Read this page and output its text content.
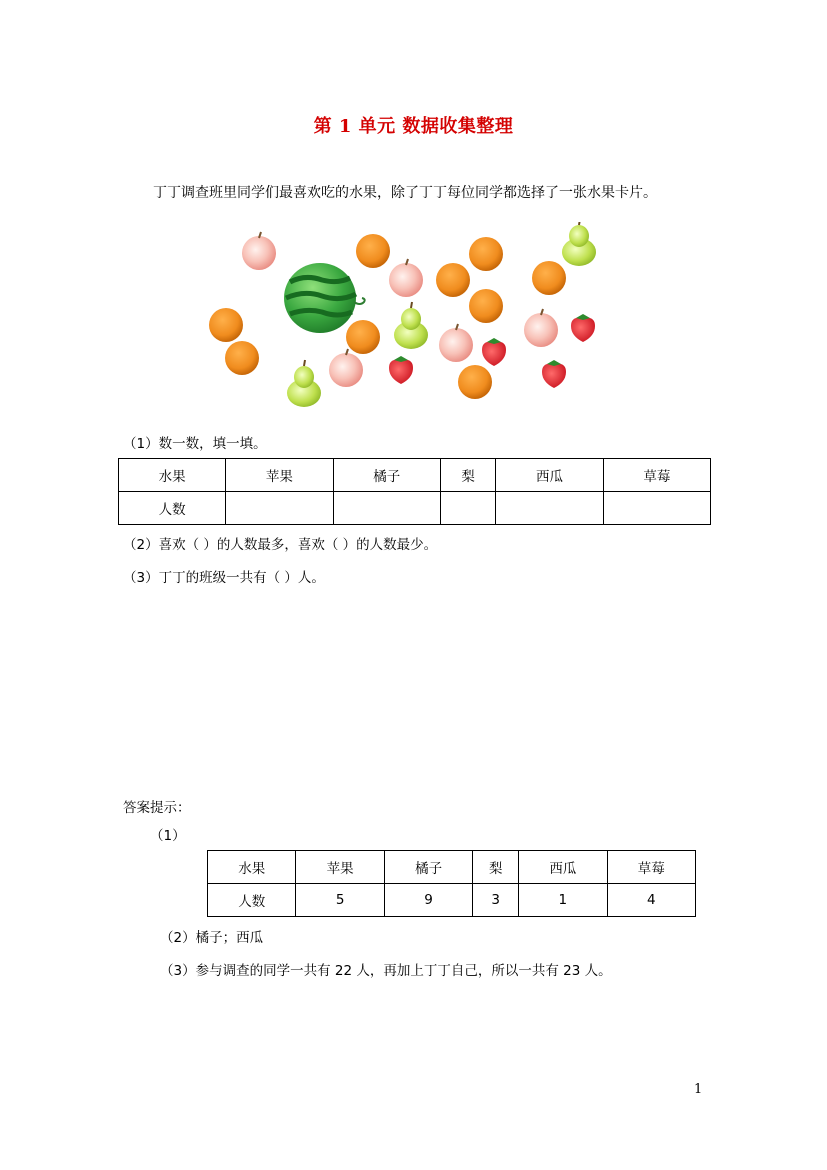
第 1 单元 数据收集整理
丁丁调查班里同学们最喜欢吃的水果，除了丁丁每位同学都选择了一张水果卡片。
（1）数一数，填一填。
水果	苹果	橘子	梨	西瓜	草莓
人数					
（2）喜欢（ ）的人数最多，喜欢（ ）的人数最少。
（3）丁丁的班级一共有（ ）人。
答案提示：
（1）
水果	苹果	橘子	梨	西瓜	草莓
人数	5	9	3	1	4
（2）橘子；西瓜
（3）参与调查的同学一共有 22 人，再加上丁丁自己，所以一共有 23 人。
1
